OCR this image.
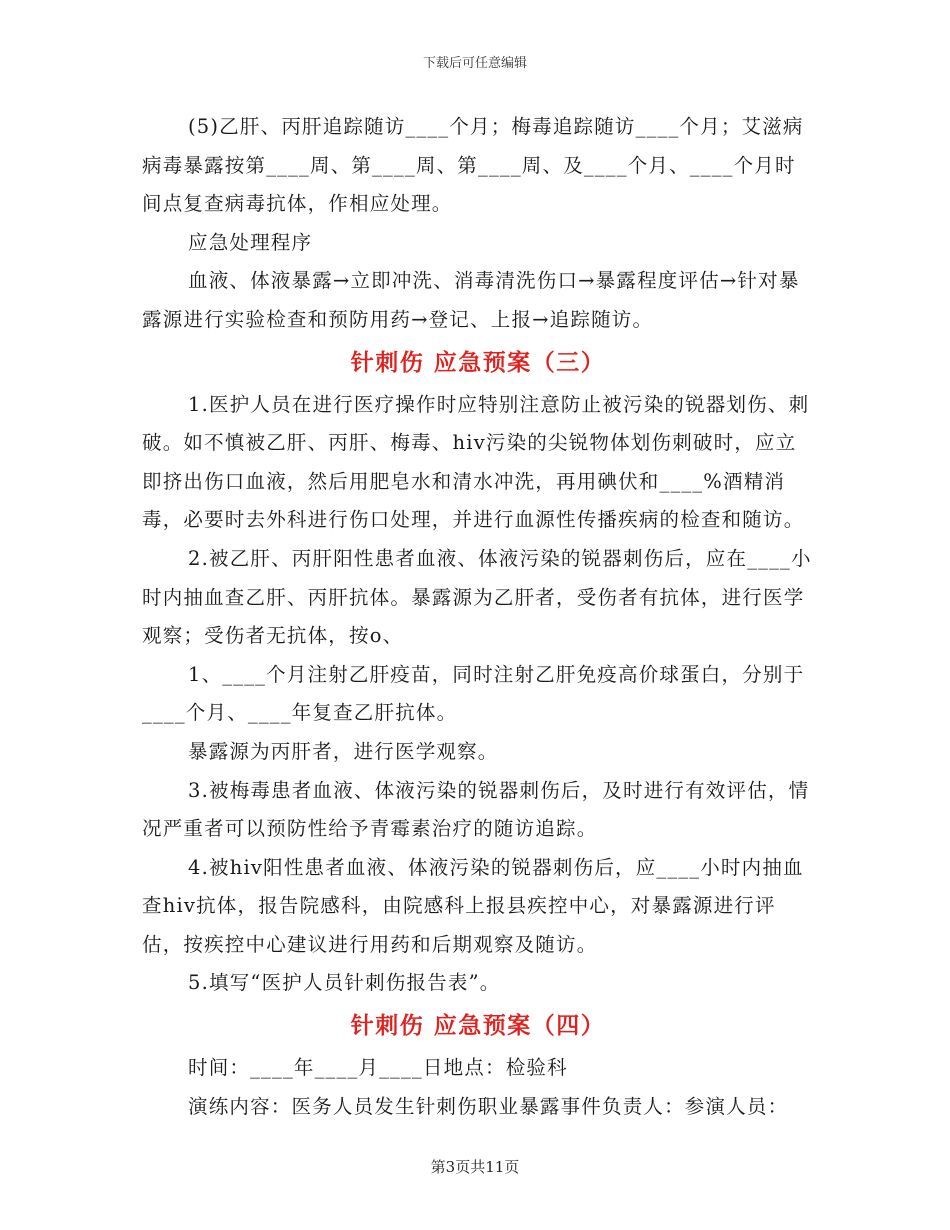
下载后可任意编辑

(5)乙肝、丙肝追踪随访____个月；梅毒追踪随访____个月；艾滋病病毒暴露按第____周、第____周、第____周、及____个月、____个月时间点复查病毒抗体，作相应处理。

应急处理程序

血液、体液暴露→立即冲洗、消毒清洗伤口→暴露程度评估→针对暴露源进行实验检查和预防用药→登记、上报→追踪随访。

针刺伤 应急预案（三）

1.医护人员在进行医疗操作时应特别注意防止被污染的锐器划伤、刺破。如不慎被乙肝、丙肝、梅毒、hiv污染的尖锐物体划伤刺破时，应立即挤出伤口血液，然后用肥皂水和清水冲洗，再用碘伏和____%酒精消毒，必要时去外科进行伤口处理，并进行血源性传播疾病的检查和随访。

2.被乙肝、丙肝阳性患者血液、体液污染的锐器刺伤后，应在____小时内抽血查乙肝、丙肝抗体。暴露源为乙肝者，受伤者有抗体，进行医学观察；受伤者无抗体，按o、

1、____个月注射乙肝疫苗，同时注射乙肝免疫高价球蛋白，分别于____个月、____年复查乙肝抗体。

暴露源为丙肝者，进行医学观察。

3.被梅毒患者血液、体液污染的锐器刺伤后，及时进行有效评估，情况严重者可以预防性给予青霉素治疗的随访追踪。

4.被hiv阳性患者血液、体液污染的锐器刺伤后，应____小时内抽血查hiv抗体，报告院感科，由院感科上报县疾控中心，对暴露源进行评估，按疾控中心建议进行用药和后期观察及随访。

5.填写“医护人员针刺伤报告表”。

针刺伤 应急预案（四）

时间：____年____月____日地点：检验科

演练内容：医务人员发生针刺伤职业暴露事件负责人：参演人员：

第3页共11页
